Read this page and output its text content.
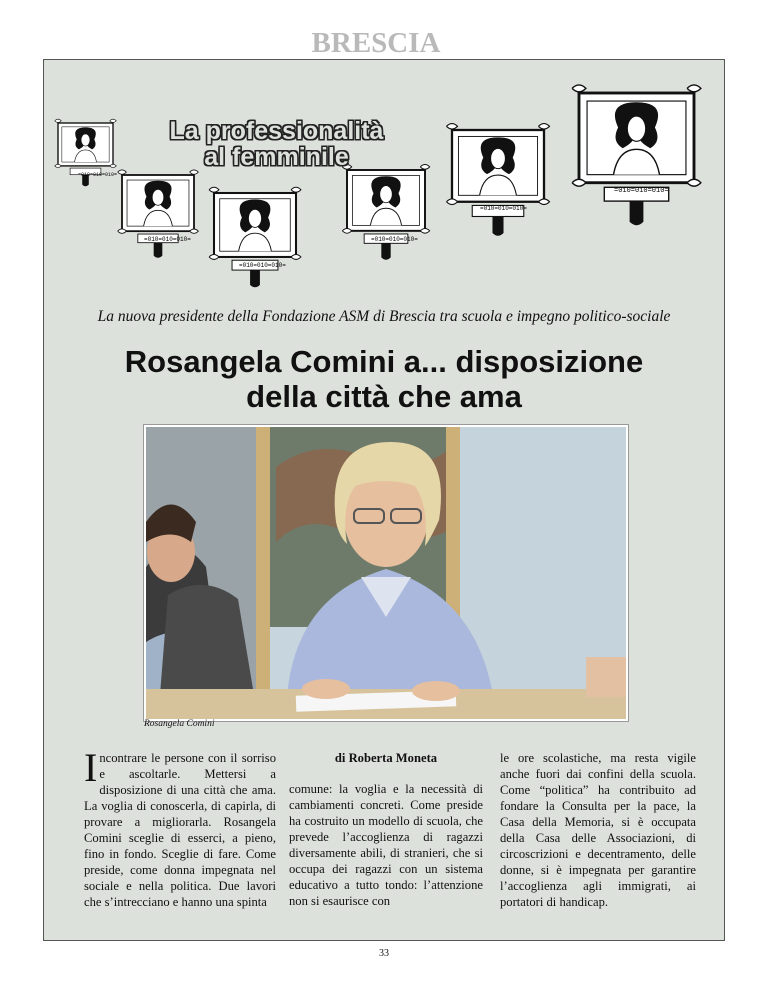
BRESCIA
=010=010=010=
=010=010=010=
=010=010=010=
=010=010=010=
=010=010=010=
=010=010=010=
La professionalità
al femminile
La nuova presidente della Fondazione ASM di Brescia tra scuola e impegno politico-sociale
Rosangela Comini a... disposizione
della città che ama
Rosangela Comini

Incontrare le persone con il sorriso e ascoltarle. Mettersi a disposizione di una città che ama. La voglia di conoscerla, di capirla, di provare a migliorarla. Rosangela Comini sceglie di esserci, a pieno, fino in fondo. Sceglie di fare. Come preside, come donna impegnata nel sociale e nella politica. Due lavori che s’intrecciano e hanno una spinta

di Roberta Moneta

comune: la voglia e la necessità di cambiamenti concreti. Come preside ha costruito un modello di scuola, che prevede l’accoglienza di ragazzi diversamente abili, di stranieri, che si occupa dei ragazzi con un sistema educativo a tutto tondo: l’attenzione non si esaurisce con

le ore scolastiche, ma resta vigile anche fuori dai confini della scuola. Come “politica” ha contribuito ad fondare la Consulta per la pace, la Casa della Memoria, si è occupata della Casa delle Associazioni, di circoscrizioni e decentramento, delle donne, si è impegnata per garantire l’accoglienza agli immigrati, ai portatori di handicap.

33
